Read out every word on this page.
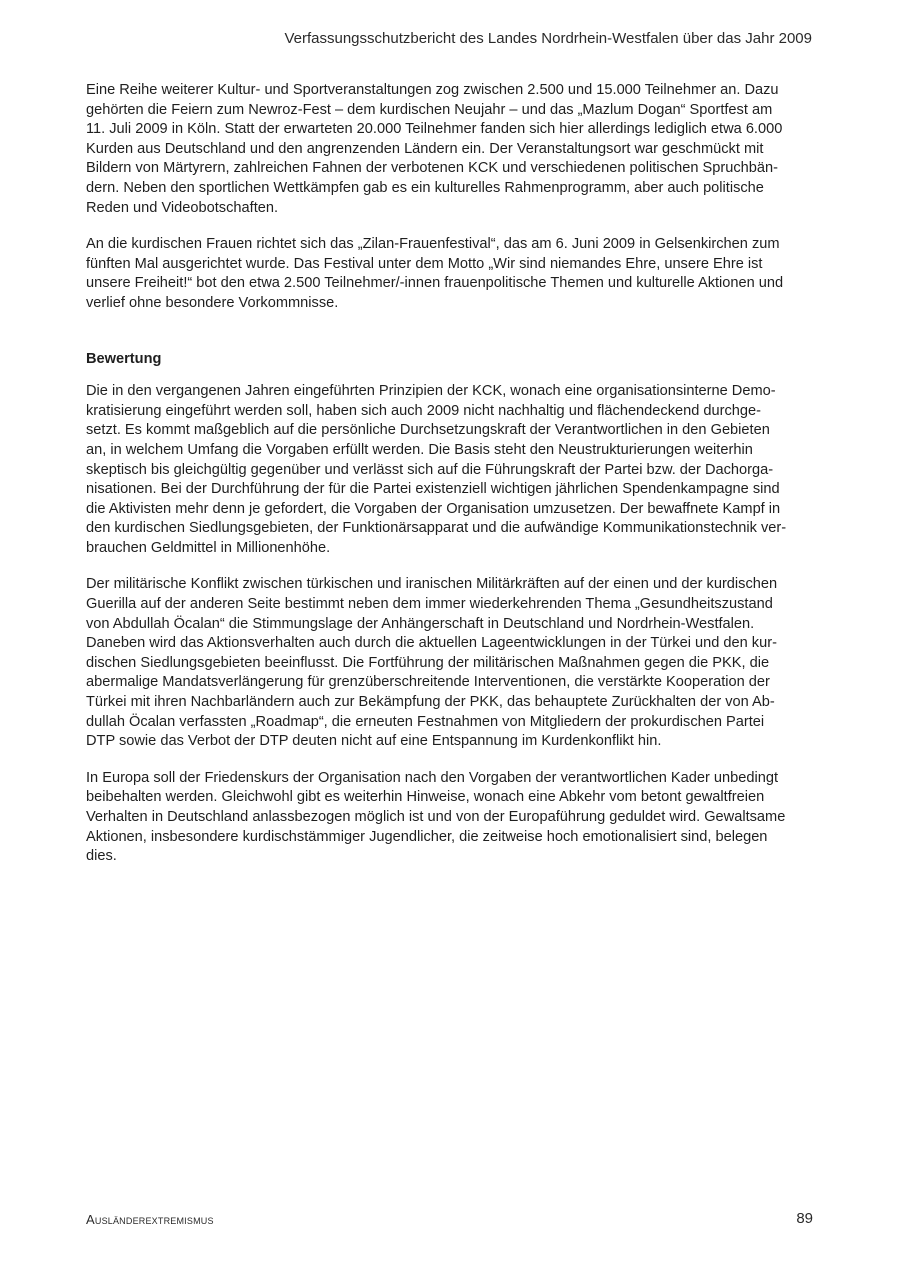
Verfassungsschutzbericht des Landes Nordrhein-Westfalen über das Jahr 2009

Eine Reihe weiterer Kultur- und Sportveranstaltungen zog zwischen 2.500 und 15.000 Teilnehmer an. Dazu

gehörten die Feiern zum Newroz-Fest – dem kurdischen Neujahr – und das „Mazlum Dogan“ Sportfest am

11. Juli 2009 in Köln. Statt der erwarteten 20.000 Teilnehmer fanden sich hier allerdings lediglich etwa 6.000

Kurden aus Deutschland und den angrenzenden Ländern ein. Der Veranstaltungsort war geschmückt mit

Bildern von Märtyrern, zahlreichen Fahnen der verbotenen KCK und verschiedenen politischen Spruchbän-

dern. Neben den sportlichen Wettkämpfen gab es ein kulturelles Rahmenprogramm, aber auch politische

Reden und Videobotschaften.

An die kurdischen Frauen richtet sich das „Zilan-Frauenfestival“, das am 6. Juni 2009 in Gelsenkirchen zum

fünften Mal ausgerichtet wurde. Das Festival unter dem Motto „Wir sind niemandes Ehre, unsere Ehre ist

unsere Freiheit!“ bot den etwa 2.500 Teilnehmer/-innen frauenpolitische Themen und kulturelle Aktionen und

verlief ohne besondere Vorkommnisse.

Bewertung

Die in den vergangenen Jahren eingeführten Prinzipien der KCK, wonach eine organisationsinterne Demo-

kratisierung eingeführt werden soll, haben sich auch 2009 nicht nachhaltig und flächendeckend durchge-

setzt. Es kommt maßgeblich auf die persönliche Durchsetzungskraft der Verantwortlichen in den Gebieten

an, in welchem Umfang die Vorgaben erfüllt werden. Die Basis steht den Neustrukturierungen weiterhin

skeptisch bis gleichgültig gegenüber und verlässt sich auf die Führungskraft der Partei bzw. der Dachorga-

nisationen. Bei der Durchführung der für die Partei existenziell wichtigen jährlichen Spendenkampagne sind

die Aktivisten mehr denn je gefordert, die Vorgaben der Organisation umzusetzen. Der bewaffnete Kampf in

den kurdischen Siedlungsgebieten, der Funktionärsapparat und die aufwändige Kommunikationstechnik ver-

brauchen Geldmittel in Millionenhöhe.

Der militärische Konflikt zwischen türkischen und iranischen Militärkräften auf der einen und der kurdischen

Guerilla auf der anderen Seite bestimmt neben dem immer wiederkehrenden Thema „Gesundheitszustand

von Abdullah Öcalan“ die Stimmungslage der Anhängerschaft in Deutschland und Nordrhein-Westfalen.

Daneben wird das Aktionsverhalten auch durch die aktuellen Lageentwicklungen in der Türkei und den kur-

dischen Siedlungsgebieten beeinflusst. Die Fortführung der militärischen Maßnahmen gegen die PKK, die

abermalige Mandatsverlängerung für grenzüberschreitende Interventionen, die verstärkte Kooperation der

Türkei mit ihren Nachbarländern auch zur Bekämpfung der PKK, das behauptete Zurückhalten der von Ab-

dullah Öcalan verfassten „Roadmap“, die erneuten Festnahmen von Mitgliedern der prokurdischen Partei

DTP sowie das Verbot der DTP deuten nicht auf eine Entspannung im Kurdenkonflikt hin.

In Europa soll der Friedenskurs der Organisation nach den Vorgaben der verantwortlichen Kader unbedingt

beibehalten werden. Gleichwohl gibt es weiterhin Hinweise, wonach eine Abkehr vom betont gewaltfreien

Verhalten in Deutschland anlassbezogen möglich ist und von der Europaführung geduldet wird. Gewaltsame

Aktionen, insbesondere kurdischstämmiger Jugendlicher, die zeitweise hoch emotionalisiert sind, belegen

dies.

Ausländerextremismus	89
